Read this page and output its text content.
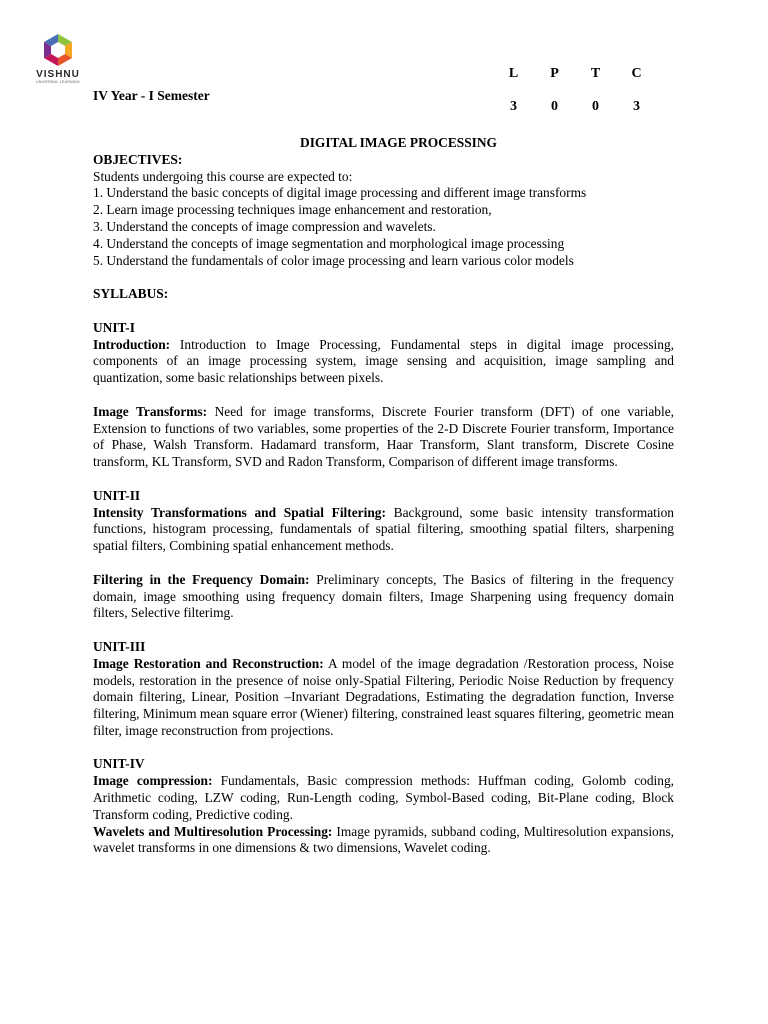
VISHNU
UNIVERSAL LEARNING
IV Year - I Semester
L	P	T	C
3	0	0	3

DIGITAL IMAGE PROCESSING

OBJECTIVES:

Students undergoing this course are expected to:

1. Understand the basic concepts of digital image processing and different image transforms
2. Learn image processing techniques image enhancement and restoration,
3. Understand the concepts of image compression and wavelets.
4. Understand the concepts of image segmentation and morphological image processing
5. Understand the fundamentals of color image processing and learn various color models

SYLLABUS:

UNIT-I

Introduction: Introduction to Image Processing, Fundamental steps in digital image processing, components of an image processing system, image sensing and acquisition, image sampling and quantization, some basic relationships between pixels.

Image Transforms: Need for image transforms, Discrete Fourier transform (DFT) of one variable, Extension to functions of two variables, some properties of the 2-D Discrete Fourier transform, Importance of Phase, Walsh Transform. Hadamard transform, Haar Transform, Slant transform, Discrete Cosine transform, KL Transform, SVD and Radon Transform, Comparison of different image transforms.

UNIT-II

Intensity Transformations and Spatial Filtering: Background, some basic intensity transformation functions, histogram processing, fundamentals of spatial filtering, smoothing spatial filters, sharpening spatial filters, Combining spatial enhancement methods.

Filtering in the Frequency Domain: Preliminary concepts, The Basics of filtering in the frequency domain, image smoothing using frequency domain filters, Image Sharpening using frequency domain filters, Selective filterimg.

UNIT-III

Image Restoration and Reconstruction: A model of the image degradation /Restoration process, Noise models, restoration in the presence of noise only-Spatial Filtering, Periodic Noise Reduction by frequency domain filtering, Linear, Position –Invariant Degradations, Estimating the degradation function, Inverse filtering, Minimum mean square error (Wiener) filtering, constrained least squares filtering, geometric mean filter, image reconstruction from projections.

UNIT-IV

Image compression: Fundamentals, Basic compression methods: Huffman coding, Golomb coding, Arithmetic coding, LZW coding, Run-Length coding, Symbol-Based coding, Bit-Plane coding, Block Transform coding, Predictive coding.

Wavelets and Multiresolution Processing: Image pyramids, subband coding, Multiresolution expansions, wavelet transforms in one dimensions & two dimensions, Wavelet coding.
